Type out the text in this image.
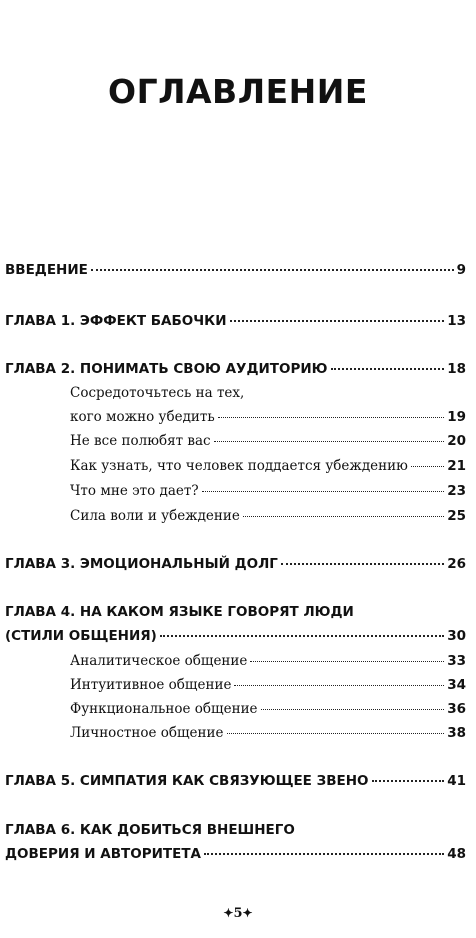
ОГЛАВЛЕНИЕ
ВВЕДЕНИЕ	9
ГЛАВА 1. ЭФФЕКТ БАБОЧКИ	13
ГЛАВА 2. ПОНИМАТЬ СВОЮ АУДИТОРИЮ	18
Сосредоточьтесь на тех,
кого можно убедить	19
Не все полюбят вас	20
Как узнать, что человек поддается убеждению	21
Что мне это дает?	23
Сила воли и убеждение	25
ГЛАВА 3. ЭМОЦИОНАЛЬНЫЙ ДОЛГ	26
ГЛАВА 4. НА КАКОМ ЯЗЫКЕ ГОВОРЯТ ЛЮДИ
(СТИЛИ ОБЩЕНИЯ)	30
Аналитическое общение	33
Интуитивное общение	34
Функциональное общение	36
Личностное общение	38
ГЛАВА 5. СИМПАТИЯ КАК СВЯЗУЮЩЕЕ ЗВЕНО	41
ГЛАВА 6. КАК ДОБИТЬСЯ ВНЕШНЕГО
ДОВЕРИЯ И АВТОРИТЕТА	48
✦5✦
